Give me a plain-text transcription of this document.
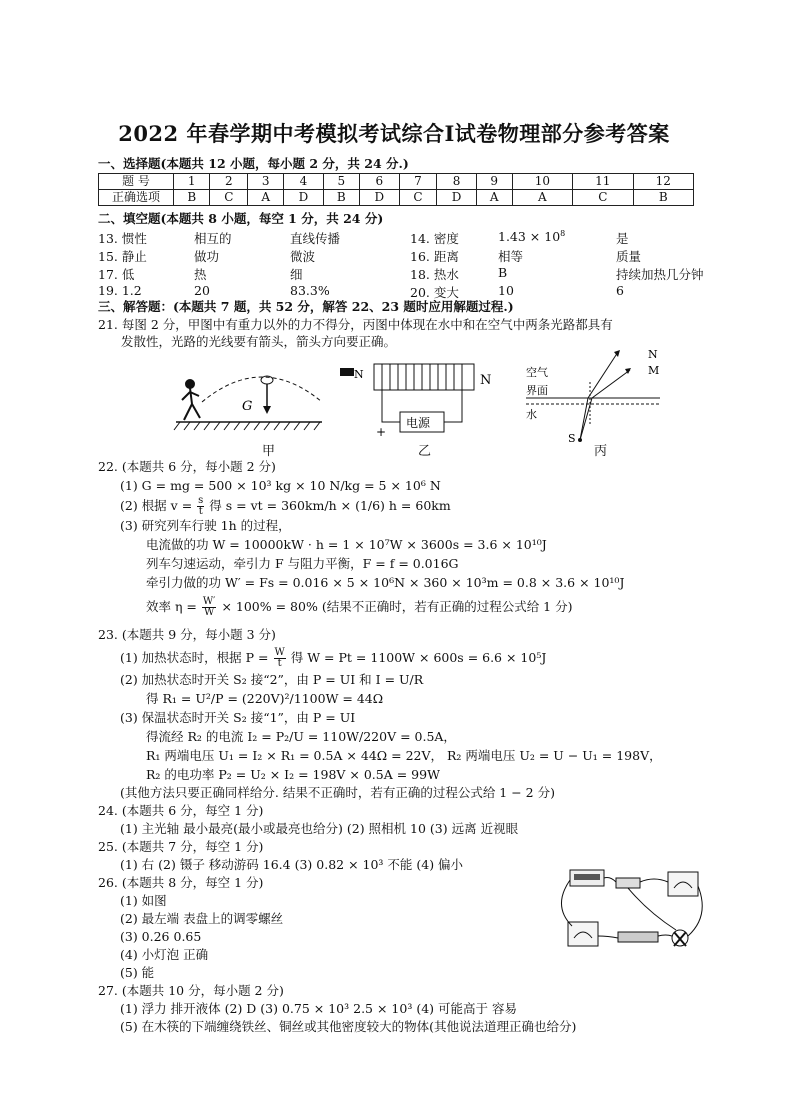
2022 年春学期中考模拟考试综合Ⅰ试卷物理部分参考答案
一、选择题(本题共 12 小题，每小题 2 分，共 24 分.)
题 号	1	2	3	4	5	6	7	8	9	10	11	12
正确选项	B	C	A	D	B	D	C	D	A	A	C	B
二、填空题(本题共 8 小题，每空 1 分，共 24 分)
13. 惯性	相互的	直线传播	14. 密度	$1.43 \times 10^8$	是
15. 静止	做功	微波	16. 距离	相等	质量
17. 低	热	细	18. 热水	B	持续加热几分钟
19. 1.2	20	83.3%	20. 变大	10	6
三、解答题：(本题共 7 题，共 52 分，解答 22、23 题时应用解题过程.)
21. 每图 2 分，甲图中有重力以外的力不得分，丙图中体现在水中和在空气中两条光路都具有
发散性，光路的光线要有箭头，箭头方向要正确。
G
甲
N	N
电源
+
乙
空气
界面
水
N
M
S
丙
22. (本题共 6 分，每小题 2 分)
(1) G = mg = 500 × 10³ kg × 10 N/kg = 5 × 10⁶ N
(2) 根据 $v = \frac{s}{t}$ 得 s = vt = 360km/h × (1/6) h = 60km
(3) 研究列车行驶 1h 的过程，
电流做的功 W = 10000kW · h = 1 × 10⁷W × 3600s = 3.6 × 10¹⁰J
列车匀速运动，牵引力 F 与阻力平衡，F = f = 0.016G
牵引力做的功 W′ = Fs = 0.016 × 5 × 10⁶N × 360 × 10³m = 0.8 × 3.6 × 10¹⁰J
效率 $\eta = \frac{W'}{W} \times 100\% = 80\%$ (结果不正确时，若有正确的过程公式给 1 分)
23. (本题共 9 分，每小题 3 分)
(1) 加热状态时，根据 $P = \frac{W}{t}$ 得 W = Pt = 1100W × 600s = 6.6 × 10⁵J
(2) 加热状态时开关 S₂ 接“2”，由 P = UI 和 I = U/R
得 R₁ = U²/P = (220V)²/1100W = 44Ω
(3) 保温状态时开关 S₂ 接“1”，由 P = UI
得流经 R₂ 的电流 I₂ = P₂/U = 110W/220V = 0.5A，
R₁ 两端电压 U₁ = I₂ × R₁ = 0.5A × 44Ω = 22V， R₂ 两端电压 U₂ = U − U₁ = 198V，
R₂ 的电功率 P₂ = U₂ × I₂ = 198V × 0.5A = 99W
(其他方法只要正确同样给分. 结果不正确时，若有正确的过程公式给 1 − 2 分)
24. (本题共 6 分，每空 1 分)
(1) 主光轴 最小最亮(最小或最亮也给分) (2) 照相机 10 (3) 远离 近视眼
25. (本题共 7 分，每空 1 分)
(1) 右 (2) 镊子 移动游码 16.4 (3) 0.82 × 10³ 不能 (4) 偏小
26. (本题共 8 分，每空 1 分)
(1) 如图
(2) 最左端 表盘上的调零螺丝
(3) 0.26 0.65
(4) 小灯泡 正确
(5) 能
27. (本题共 10 分，每小题 2 分)
(1) 浮力 排开液体 (2) D (3) 0.75 × 10³ 2.5 × 10³ (4) 可能高于 容易
(5) 在木筷的下端缠绕铁丝、铜丝或其他密度较大的物体(其他说法道理正确也给分)
